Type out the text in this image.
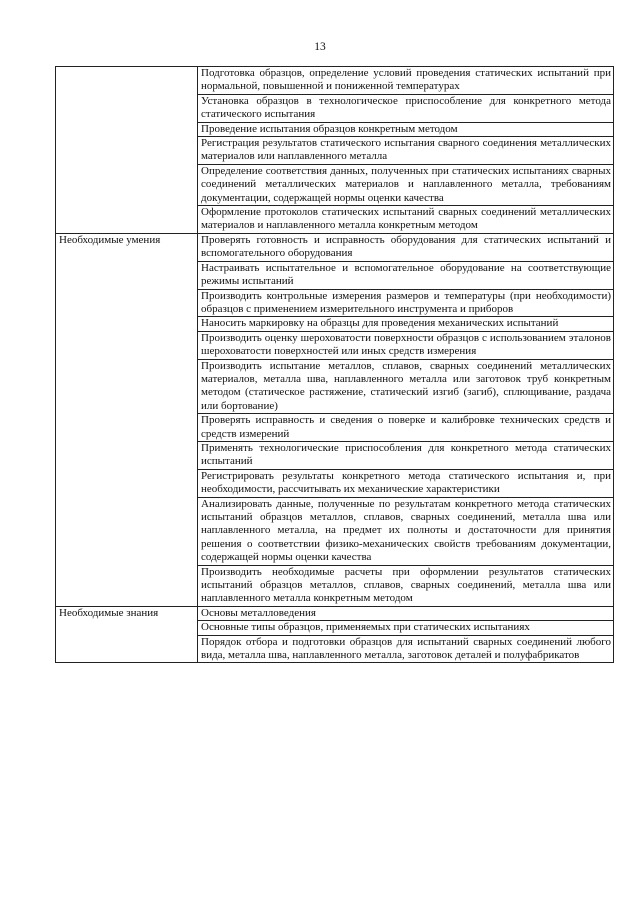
13
	Подготовка образцов, определение условий проведения статических испытаний при нормальной, повышенной и пониженной температурах
	Установка образцов в технологическое приспособление для конкретного метода статического испытания
	Проведение испытания образцов конкретным методом
	Регистрация результатов статического испытания сварного соединения металлических материалов или наплавленного металла
	Определение соответствия данных, полученных при статических испытаниях сварных соединений металлических материалов и наплавленного металла, требованиям документации, содержащей нормы оценки качества
	Оформление протоколов статических испытаний сварных соединений металлических материалов и наплавленного металла конкретным методом
Необходимые умения	Проверять готовность и исправность оборудования для статических испытаний и вспомогательного оборудования
	Настраивать испытательное и вспомогательное оборудование на соответствующие режимы испытаний
	Производить контрольные измерения размеров и температуры (при необходимости) образцов с применением измерительного инструмента и приборов
	Наносить маркировку на образцы для проведения механических испытаний
	Производить оценку шероховатости поверхности образцов с использованием эталонов шероховатости поверхностей или иных средств измерения
	Производить испытание металлов, сплавов, сварных соединений металлических материалов, металла шва, наплавленного металла или заготовок труб конкретным методом (статическое растяжение, статический изгиб (загиб), сплющивание, раздача или бортование)
	Проверять исправность и сведения о поверке и калибровке технических средств и средств измерений
	Применять технологические приспособления для конкретного метода статических испытаний
	Регистрировать результаты конкретного метода статического испытания и, при необходимости, рассчитывать их механические характеристики
	Анализировать данные, полученные по результатам конкретного метода статических испытаний образцов металлов, сплавов, сварных соединений, металла шва или наплавленного металла, на предмет их полноты и достаточности для принятия решения о соответствии физико-механических свойств требованиям документации, содержащей нормы оценки качества
	Производить необходимые расчеты при оформлении результатов статических испытаний образцов металлов, сплавов, сварных соединений, металла шва или наплавленного металла конкретным методом
Необходимые знания	Основы металловедения
	Основные типы образцов, применяемых при статических испытаниях
	Порядок отбора и подготовки образцов для испытаний сварных соединений любого вида, металла шва, наплавленного металла, заготовок деталей и полуфабрикатов
